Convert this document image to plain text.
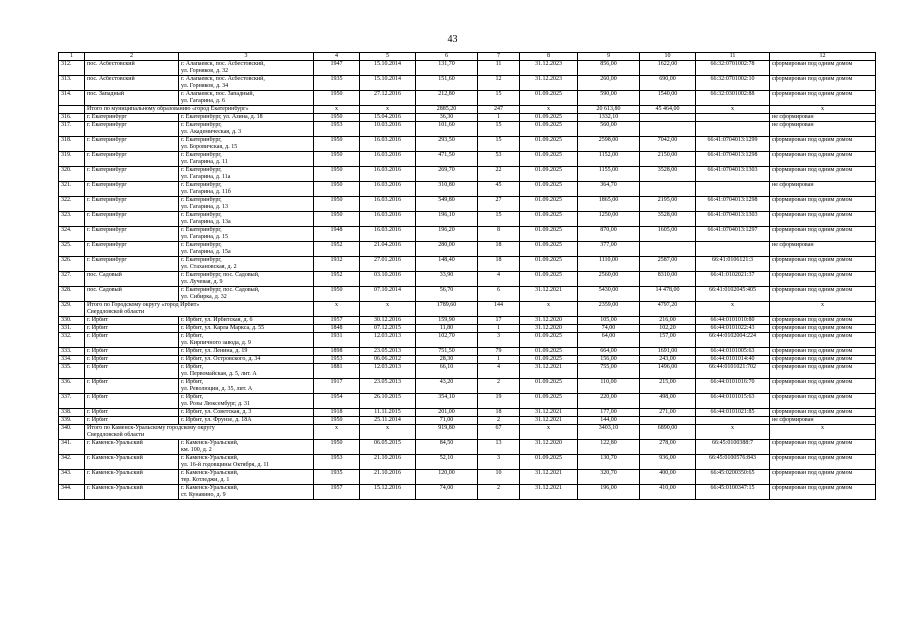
43
1	2	3	4	5	6	7	8	9	10	11	12
312.	пос. Асбестовский	г. Алапаевск, пос. Асбестовский,
ул. Горняков, д. 32	1947	15.10.2014	131,70	11	31.12.2023	856,00	1622,00	66:32:0701002:78	сформирован под одним домом
313.	пос. Асбестовский	г. Алапаевск, пос. Асбестовский,
ул. Горняков, д. 34	1935	15.10.2014	151,60	12	31.12.2023	260,00	690,00	66:32:0701002:10	сформирован под одним домом
314.	пос. Западный	г. Алапаевск, пос. Западный,
ул. Гагарина, д. 6	1950	27.12.2016	212,80	15	01.09.2025	590,00	1540,00	66:32:0301002:88	сформирован под одним домом
	Итого по муниципальному образованию «город Екатеринбург»		x	x	2885,20	247	x	20 613,80	45 464,00	x	x
316.	г. Екатеринбург	г. Екатеринбург, ул. Азина, д. 18	1950	15.04.2016	36,30	1	01.09.2025	1332,10			не сформирован
317.	г. Екатеринбург	г. Екатеринбург,
ул. Академическая, д. 3	1953	10.03.2016	101,60	15	01.09.2025	560,00			не сформирован
318.	г. Екатеринбург	г. Екатеринбург,
ул. Боровичская, д. 15	1950	16.03.2016	293,50	15	01.09.2025	2598,00	7042,00	66:41:0704013:1299	сформирован под одним домом
319.	г. Екатеринбург	г. Екатеринбург,
ул. Гагарина, д. 11	1950	16.03.2016	471,50	53	01.09.2025	1152,00	2150,00	66:41:0704013:1298	сформирован под одним домом
320.	г. Екатеринбург	г. Екатеринбург,
ул. Гагарина, д. 11а	1950	16.03.2016	269,70	22	01.09.2025	1155,00	3528,00	66:41:0704013:1303	сформирован под одним домом
321.	г. Екатеринбург	г. Екатеринбург,
ул. Гагарина, д. 11б	1950	16.03.2016	310,80	45	01.09.2025	364,70			не сформирован
322.	г. Екатеринбург	г. Екатеринбург,
ул. Гагарина, д. 13	1950	16.03.2016	549,80	27	01.09.2025	1865,00	2195,00	66:41:0704013:1298	сформирован под одним домом
323.	г. Екатеринбург	г. Екатеринбург,
ул. Гагарина, д. 13а	1950	16.03.2016	196,10	15	01.09.2025	1250,00	3528,00	66:41:0704013:1303	сформирован под одним домом
324.	г. Екатеринбург	г. Екатеринбург,
ул. Гагарина, д. 15	1948	16.03.2016	196,20	8	01.09.2025	870,00	1605,00	66:41:0704013:1297	сформирован под одним домом
325.	г. Екатеринбург	г. Екатеринбург,
ул. Гагарина, д. 15а	1952	21.04.2016	280,00	18	01.09.2025	377,00			не сформирован
326.	г. Екатеринбург	г. Екатеринбург,
ул. Стахановская, д. 2	1932	27.01.2016	148,40	18	01.09.2025	1110,00	2587,00	66:41:0106121:3	сформирован под одним домом
327.	пос. Садовый	г. Екатеринбург, пос. Садовый,
ул. Лучевая, д. 9	1952	03.10.2016	33,90	4	01.09.2025	2560,00	8310,00	66:41:0102021:37	сформирован под одним домом
328.	пос. Садовый	г. Екатеринбург, пос. Садовый,
ул. Сибирка, д. 32	1950	07.10.2014	56,70	6	31.12.2021	5430,00	14 478,00	66:41:0102045:405	сформирован под одним домом
329.	Итого по Городскому округу «город Ирбит»
Свердловской области		x	x	1789,60	144	x	2359,00	4797,20	x	x
330.	г. Ирбит	г. Ирбит, ул. Ирбитская, д. 6	1957	30.12.2016	159,90	17	31.12.2020	105,00	216,00	66:44:0101010:80	сформирован под одним домом
331.	г. Ирбит	г. Ирбит, ул. Карла Маркса, д. 55	1848	07.12.2015	11,80	1	31.12.2020	74,00	102,20	66:44:0101022:43	сформирован под одним домом
332.	г. Ирбит	г. Ирбит,
ул. Кирпичного завода, д. 9	1931	12.03.2013	102,70	3	01.09.2025	64,00	157,00	66:44:0102004:224	сформирован под одним домом
333.	г. Ирбит	г. Ирбит, ул. Ленина, д. 19	1898	23.05.2013	751,50	79	01.09.2025	664,00	1691,00	66:44:0101005:63	сформирован под одним домом
334.	г. Ирбит	г. Ирбит, ул. Островского, д. 34	1953	06.06.2012	28,30	1	01.09.2025	156,00	243,00	66:44:0101014:40	сформирован под одним домом
335.	г. Ирбит	г. Ирбит,
ул. Первомайская, д. 5, лит. А	1881	12.03.2013	66,10	4	31.12.2021	755,00	1496,00	66:44:0101021:702	сформирован под одним домом
336.	г. Ирбит	г. Ирбит,
ул. Революции, д. 35, лит. А	1917	23.05.2013	43,20	2	01.09.2025	110,00	215,00	66:44:0101016:70	сформирован под одним домом
337.	г. Ирбит	г. Ирбит,
ул. Розы Люксембург, д. 31	1954	26.10.2015	354,10	19	01.09.2025	220,00	498,00	66:44:0101015:63	сформирован под одним домом
338.	г. Ирбит	г. Ирбит, ул. Советская, д. 3	1918	11.11.2015	201,00	18	31.12.2021	177,00	271,00	66:44:0101021:85	сформирован под одним домом
339.	г. Ирбит	г. Ирбит, ул. Фрунзе, д. 18А	1950	25.11.2014	71,00	2	31.12.2021	144,00			не сформирован
340.	Итого по Каменск-Уральскому городскому округу
Свердловской области		x	x	919,80	67	x	3403,10	6890,00	x	x
341.	г. Каменск-Уральский	г. Каменск-Уральский,
км. 100, д. 2	1950	06.05.2015	84,50	13	31.12.2020	122,80	278,00	66:45:0100388:7	сформирован под одним домом
342.	г. Каменск-Уральский	г. Каменск-Уральский,
ул. 16-й годовщины Октября, д. 11	1953	21.10.2016	52,10	3	01.09.2025	130,70	936,00	66:45:0100576:843	сформирован под одним домом
343.	г. Каменск-Уральский	г. Каменск-Уральский,
тер. Котледжи, д. 1	1935	21.10.2016	120,00	10	31.12.2021	320,70	400,00	66:45:0200350:65	сформирован под одним домом
344.	г. Каменск-Уральский	г. Каменск-Уральский,
ст. Кунавино, д. 9	1957	15.12.2016	74,00	2	31.12.2021	196,00	410,00	66:45:0100347:15	сформирован под одним домом
